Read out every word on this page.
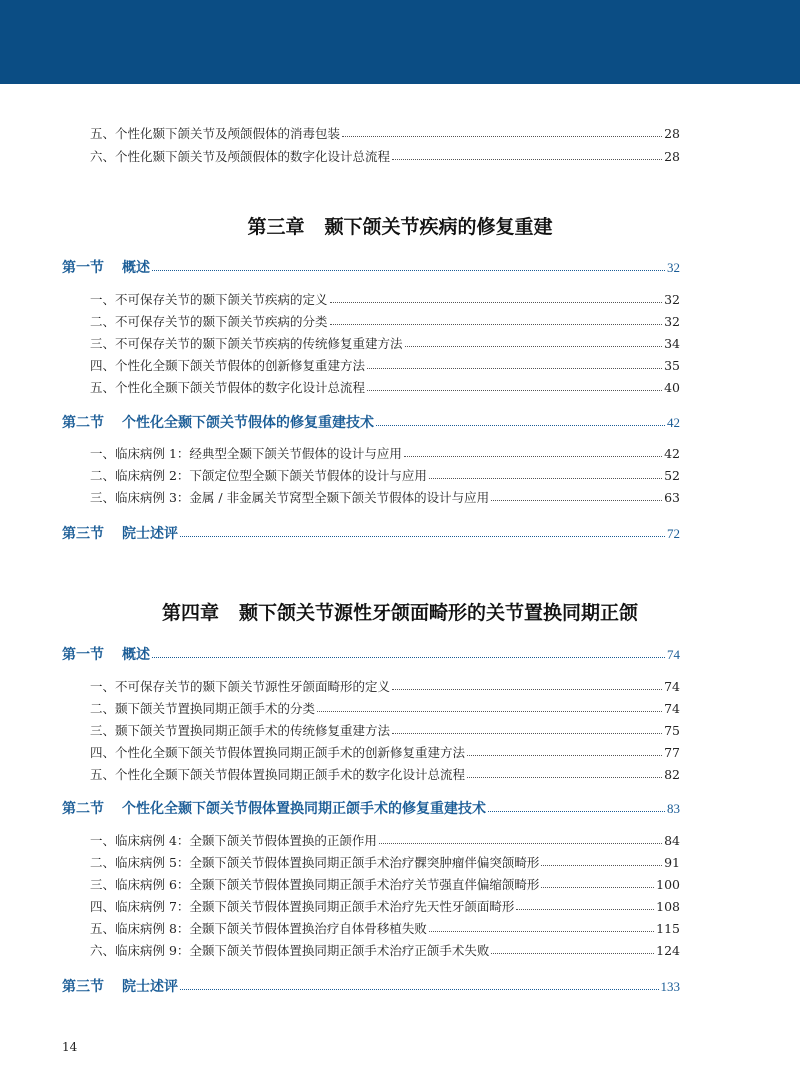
五、个性化颞下颌关节及颅颌假体的消毒包装	28
六、个性化颞下颌关节及颅颌假体的数字化设计总流程	28
第三章 颞下颌关节疾病的修复重建
第一节 概述	32
一、不可保存关节的颞下颌关节疾病的定义	32
二、不可保存关节的颞下颌关节疾病的分类	32
三、不可保存关节的颞下颌关节疾病的传统修复重建方法	34
四、个性化全颞下颌关节假体的创新修复重建方法	35
五、个性化全颞下颌关节假体的数字化设计总流程	40
第二节 个性化全颞下颌关节假体的修复重建技术	42
一、临床病例 1：经典型全颞下颌关节假体的设计与应用	42
二、临床病例 2：下颌定位型全颞下颌关节假体的设计与应用	52
三、临床病例 3：金属 / 非金属关节窝型全颞下颌关节假体的设计与应用	63
第三节 院士述评	72
第四章 颞下颌关节源性牙颌面畸形的关节置换同期正颌
第一节 概述	74
一、不可保存关节的颞下颌关节源性牙颌面畸形的定义	74
二、颞下颌关节置换同期正颌手术的分类	74
三、颞下颌关节置换同期正颌手术的传统修复重建方法	75
四、个性化全颞下颌关节假体置换同期正颌手术的创新修复重建方法	77
五、个性化全颞下颌关节假体置换同期正颌手术的数字化设计总流程	82
第二节 个性化全颞下颌关节假体置换同期正颌手术的修复重建技术	83
一、临床病例 4：全颞下颌关节假体置换的正颌作用	84
二、临床病例 5：全颞下颌关节假体置换同期正颌手术治疗髁突肿瘤伴偏突颌畸形	91
三、临床病例 6：全颞下颌关节假体置换同期正颌手术治疗关节强直伴偏缩颌畸形	100
四、临床病例 7：全颞下颌关节假体置换同期正颌手术治疗先天性牙颌面畸形	108
五、临床病例 8：全颞下颌关节假体置换治疗自体骨移植失败	115
六、临床病例 9：全颞下颌关节假体置换同期正颌手术治疗正颌手术失败	124
第三节 院士述评	133
14
